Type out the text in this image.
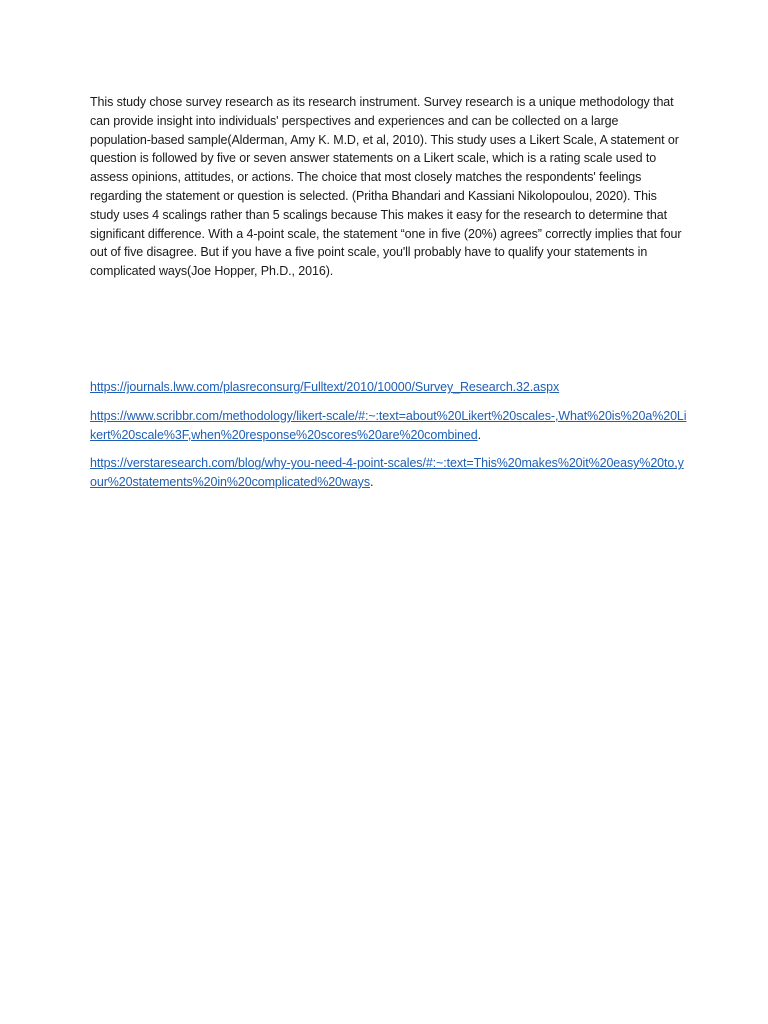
This study chose survey research as its research instrument. Survey research is a unique methodology that can provide insight into individuals' perspectives and experiences and can be collected on a large population-based sample(Alderman, Amy K. M.D, et al, 2010). This study uses a Likert Scale, A statement or question is followed by five or seven answer statements on a Likert scale, which is a rating scale used to assess opinions, attitudes, or actions. The choice that most closely matches the respondents' feelings regarding the statement or question is selected. (Pritha Bhandari and Kassiani Nikolopoulou, 2020). This study uses 4 scalings rather than 5 scalings because This makes it easy for the research to determine that significant difference. With a 4-point scale, the statement “one in five (20%) agrees” correctly implies that four out of five disagree. But if you have a five point scale, you'll probably have to qualify your statements in complicated ways(Joe Hopper, Ph.D., 2016).

https://journals.lww.com/plasreconsurg/Fulltext/2010/10000/Survey_Research.32.aspx

https://www.scribbr.com/methodology/likert-scale/#:~:text=about%20Likert%20scales-,What%20is%20a%20Likert%20scale%3F,when%20response%20scores%20are%20combined.

https://verstaresearch.com/blog/why-you-need-4-point-scales/#:~:text=This%20makes%20it%20easy%20to,your%20statements%20in%20complicated%20ways.
